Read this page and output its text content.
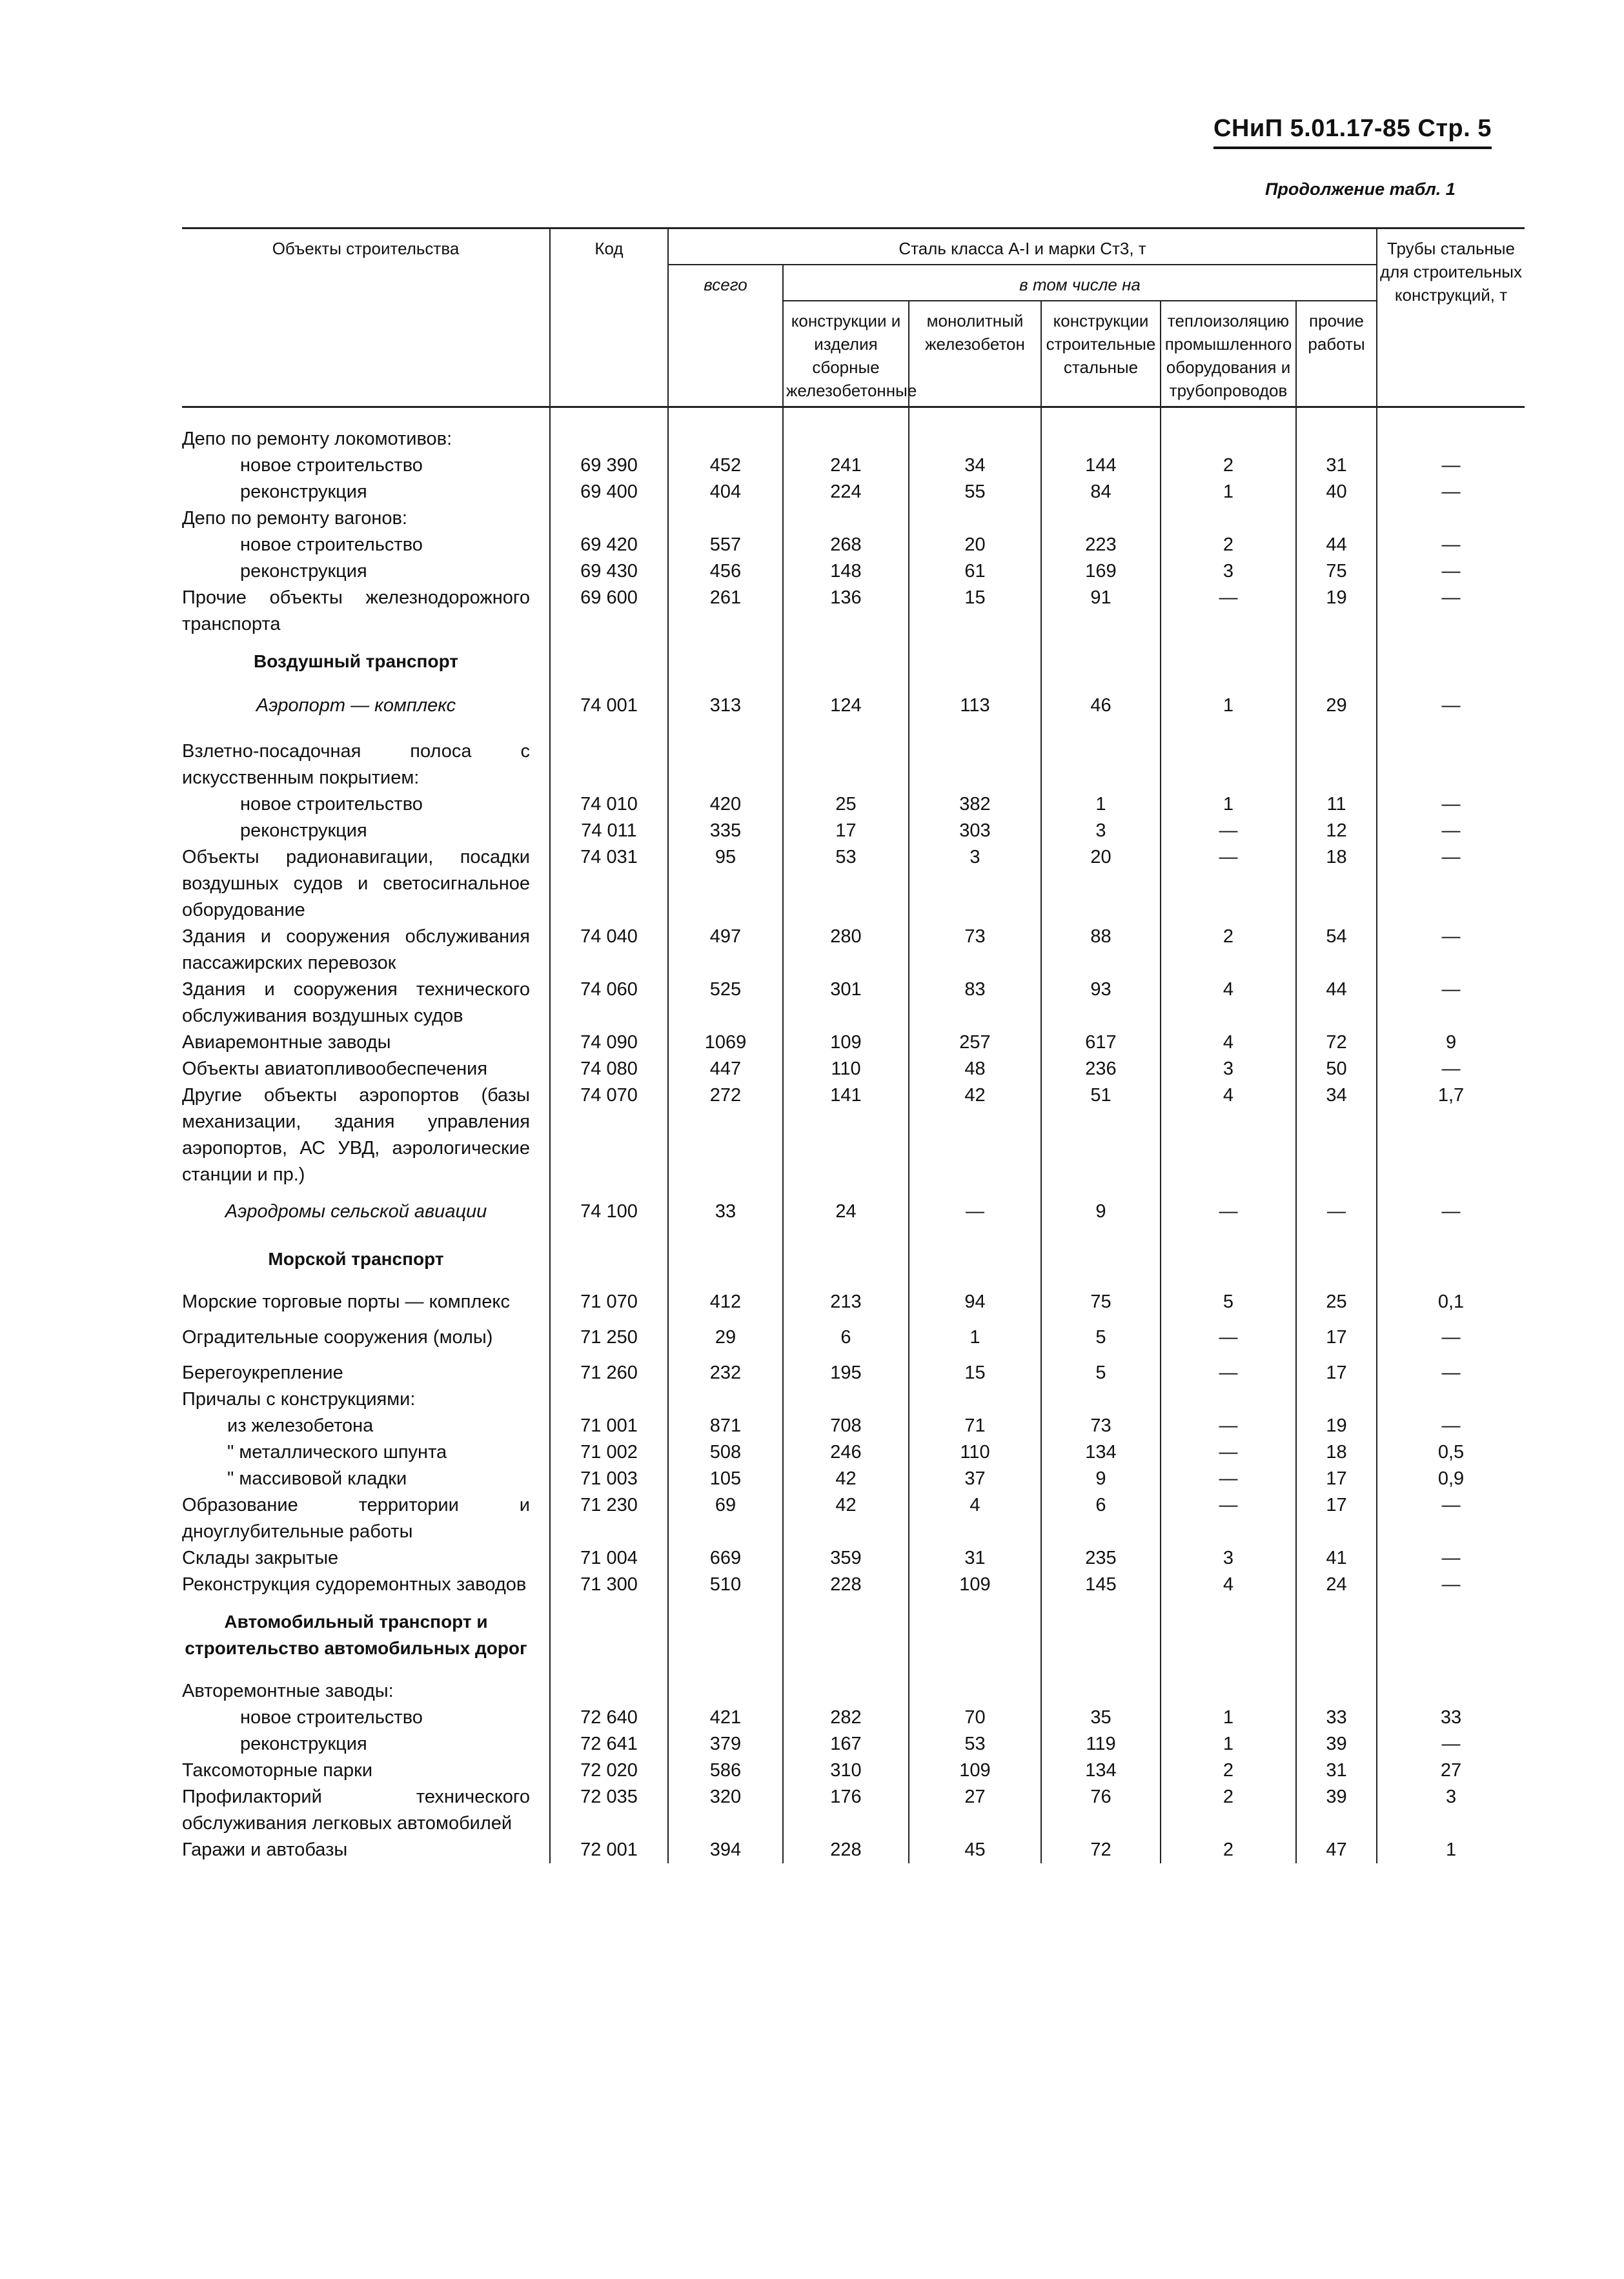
СНиП 5.01.17-85 Стр. 5
Продолжение табл. 1
Объекты строительства	Код	Сталь класса A-I и марки Ст3, т						Трубы стальные для строительных конструкций, т
		всего	в том числе на					
			конструкции и изделия сборные железобетонные	монолитный железобетон	конструкции строительные стальные	теплоизоляцию промышленного оборудования и трубопроводов	прочие работы	
Депо по ремонту локомотивов:								
новое строительство	69 390	452	241	34	144	2	31	—
реконструкция	69 400	404	224	55	84	1	40	—
Депо по ремонту вагонов:								
новое строительство	69 420	557	268	20	223	2	44	—
реконструкция	69 430	456	148	61	169	3	75	—
Прочие объекты железнодорожного транспорта	69 600	261	136	15	91	—	19	—
Воздушный транспорт								
Аэропорт — комплекс	74 001	313	124	113	46	1	29	—
Взлетно-посадочная полоса с искусственным покрытием:								
новое строительство	74 010	420	25	382	1	1	11	—
реконструкция	74 011	335	17	303	3	—	12	—
Объекты радионавигации, посадки воздушных судов и светосигнальное оборудование	74 031	95	53	3	20	—	18	—
Здания и сооружения обслуживания пассажирских перевозок	74 040	497	280	73	88	2	54	—
Здания и сооружения технического обслуживания воздушных судов	74 060	525	301	83	93	4	44	—
Авиаремонтные заводы	74 090	1069	109	257	617	4	72	9
Объекты авиатопливообеспечения	74 080	447	110	48	236	3	50	—
Другие объекты аэропортов (базы механизации, здания управления аэропортов, АС УВД, аэрологические станции и пр.)	74 070	272	141	42	51	4	34	1,7
Аэродромы сельской авиации	74 100	33	24	—	9	—	—	—
Морской транспорт								
Морские торговые порты — комплекс	71 070	412	213	94	75	5	25	0,1
Оградительные сооружения (молы)	71 250	29	6	1	5	—	17	—
Берегоукрепление	71 260	232	195	15	5	—	17	—
Причалы с конструкциями:								
из железобетона	71 001	871	708	71	73	—	19	—
" металлического шпунта	71 002	508	246	110	134	—	18	0,5
" массивовой кладки	71 003	105	42	37	9	—	17	0,9
Образование территории и дноуглубительные работы	71 230	69	42	4	6	—	17	—
Склады закрытые	71 004	669	359	31	235	3	41	—
Реконструкция судоремонтных заводов	71 300	510	228	109	145	4	24	—
Автомобильный транспорт и строительство автомобильных дорог								
Авторемонтные заводы:								
новое строительство	72 640	421	282	70	35	1	33	33
реконструкция	72 641	379	167	53	119	1	39	—
Таксомоторные парки	72 020	586	310	109	134	2	31	27
Профилакторий технического обслуживания легковых автомобилей	72 035	320	176	27	76	2	39	3
Гаражи и автобазы	72 001	394	228	45	72	2	47	1
